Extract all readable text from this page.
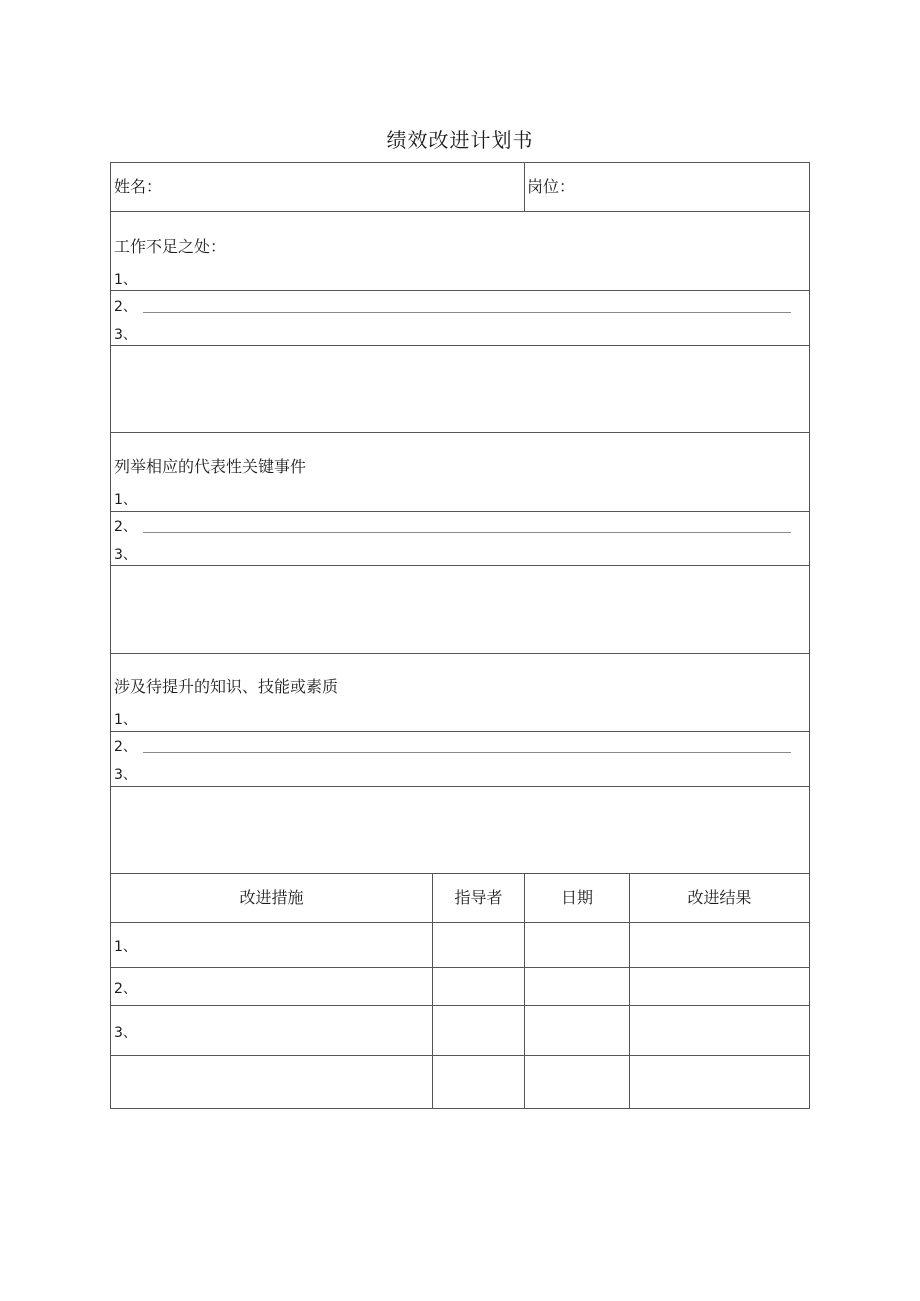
绩效改进计划书
姓名：	岗位：
工作不足之处：
1、
2、
3、
列举相应的代表性关键事件
1、
2、
3、
涉及待提升的知识、技能或素质
1、
2、
3、
改进措施	指导者	日期	改进结果
1、
2、
3、
